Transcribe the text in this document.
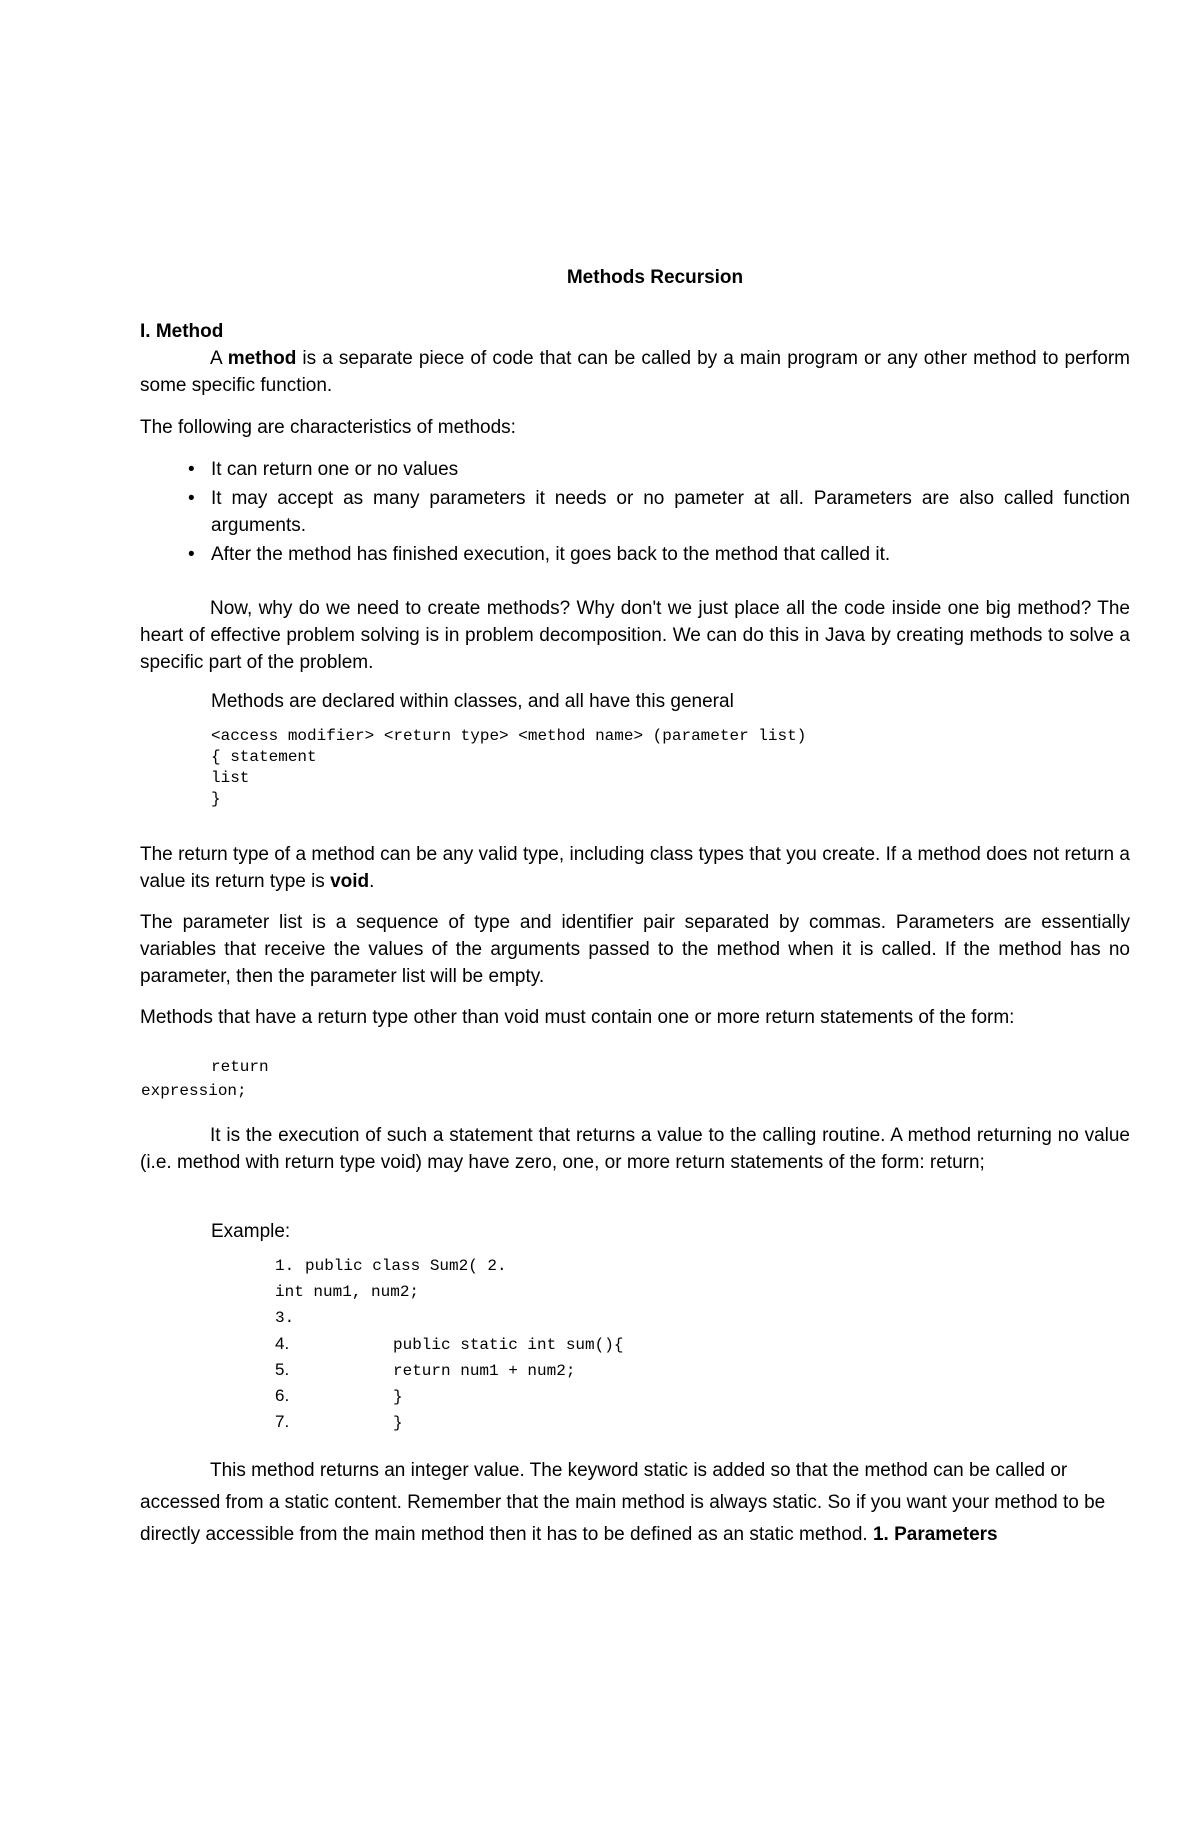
Methods Recursion
I. Method
A method is a separate piece of code that can be called by a main program or any other method to perform some specific function.
The following are characteristics of methods:
• It can return one or no values
• It may accept as many parameters it needs or no pameter at all. Parameters are also called function arguments.
• After the method has finished execution, it goes back to the method that called it.
Now, why do we need to create methods? Why don't we just place all the code inside one big method? The heart of effective problem solving is in problem decomposition. We can do this in Java by creating methods to solve a specific part of the problem.
Methods are declared within classes, and all have this general
<access modifier> <return type> <method name> (parameter list)
{ statement
list
}
The return type of a method can be any valid type, including class types that you create. If a method does not return a value its return type is void.
The parameter list is a sequence of type and identifier pair separated by commas. Parameters are essentially variables that receive the values of the arguments passed to the method when it is called. If the method has no parameter, then the parameter list will be empty.
Methods that have a return type other than void must contain one or more return statements of the form:
return
expression;
It is the execution of such a statement that returns a value to the calling routine. A method returning no value (i.e. method with return type void) may have zero, one, or more return statements of the form: return;
Example:
1. public class Sum2( 2.
int num1, num2;
3.
4.	public static int sum(){
5.	return num1 + num2;
6.	}
7.	}
This method returns an integer value. The keyword static is added so that the method can be called or accessed from a static content. Remember that the main method is always static. So if you want your method to be directly accessible from the main method then it has to be defined as an static method. 1. Parameters
